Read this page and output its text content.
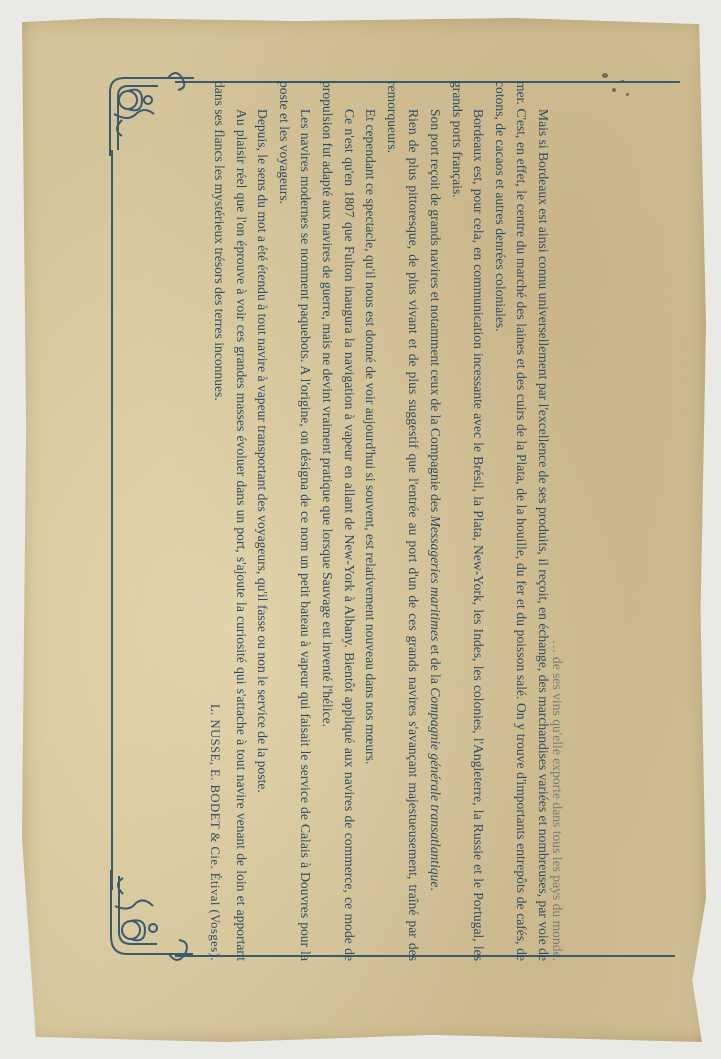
… de ses vins qu'elle exporte dans tous les pays du monde.

Mais si Bordeaux est ainsi connu universellement par l'excellence de ses produits, il reçoit, en échange, des marchandises variées et nombreuses, par voie de mer. C'est, en effet, le centre du marché des laines et des cuirs de la Plata, de la houille, du fer et du poisson salé. On y trouve d'importants entrepôts de cafés, de cotons, de cacaos et autres denrées coloniales.

Bordeaux est, pour cela, en communication incessante avec le Brésil, la Plata, New-York, les Indes, les colonies, l'Angleterre, la Russie et le Portugal, les grands ports français.

Son port reçoit de grands navires et notamment ceux de la Compagnie des Messageries maritimes et de la Compagnie générale transatlantique.

Rien de plus pittoresque, de plus vivant et de plus suggestif que l'entrée au port d'un de ces grands navires s'avançant majestueusement, traîné par des remorqueurs.

Et cependant ce spectacle, qu'il nous est donné de voir aujourd'hui si souvent, est relativement nouveau dans nos mœurs.

Ce n'est qu'en 1807 que Fulton inaugura la navigation à vapeur en allant de New-York à Albany. Bientôt appliqué aux navires de commerce, ce mode de propulsion fut adapté aux navires de guerre, mais ne devint vraiment pratique que lorsque Sauvage eut inventé l'hélice.

Les navires modernes se nomment paquebots. A l'origine, on désigna de ce nom un petit bateau à vapeur qui faisait le service de Calais à Douvres pour la poste et les voyageurs.

Depuis, le sens du mot a été étendu à tout navire à vapeur transportant des voyageurs, qu'il fasse ou non le service de la poste.

Au plaisir réel que l'on éprouve à voir ces grandes masses évoluer dans un port, s'ajoute la curiosité qui s'attache à tout navire venant de loin et apportant dans ses flancs les mystérieux trésors des terres inconnues.

L. NUSSE, E. BODET & Cie. Étival (Vosges).
